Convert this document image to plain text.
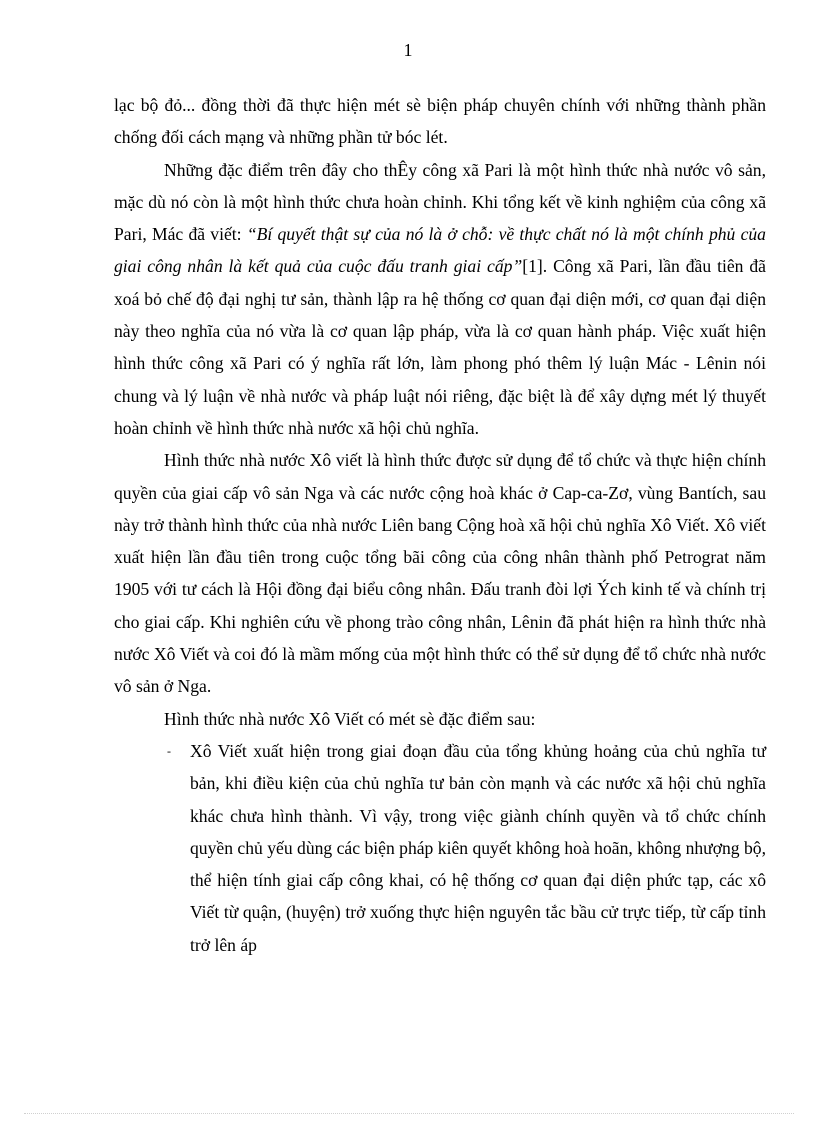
1

lạc bộ đỏ... đồng thời đã thực hiện mét sè biện pháp chuyên chính với những thành phần chống đối cách mạng và những phần tử bóc lét.

Những đặc điểm trên đây cho thÊy công xã Pari là một hình thức nhà nước vô sản, mặc dù nó còn là một hình thức chưa hoàn chỉnh. Khi tổng kết về kinh nghiệm của công xã Pari, Mác đã viết: “Bí quyết thật sự của nó là ở chỗ: về thực chất nó là một chính phủ của giai công nhân là kết quả của cuộc đấu tranh giai cấp”[1]. Công xã Pari, lần đầu tiên đã xoá bỏ chế độ đại nghị tư sản, thành lập ra hệ thống cơ quan đại diện mới, cơ quan đại diện này theo nghĩa của nó vừa là cơ quan lập pháp, vừa là cơ quan hành pháp. Việc xuất hiện hình thức công xã Pari có ý nghĩa rất lớn, làm phong phó thêm lý luận Mác - Lênin nói chung và lý luận về nhà nước và pháp luật nói riêng, đặc biệt là để xây dựng mét lý thuyết hoàn chỉnh về hình thức nhà nước xã hội chủ nghĩa.

Hình thức nhà nước Xô viết là hình thức được sử dụng để tổ chức và thực hiện chính quyền của giai cấp vô sản Nga và các nước cộng hoà khác ở Cap-ca-Zơ, vùng Bantích, sau này trở thành hình thức của nhà nước Liên bang Cộng hoà xã hội chủ nghĩa Xô Viết. Xô viết xuất hiện lần đầu tiên trong cuộc tổng bãi công của công nhân thành phố Petrograt năm 1905 với tư cách là Hội đồng đại biểu công nhân. Đấu tranh đòi lợi Ých kinh tế và chính trị cho giai cấp. Khi nghiên cứu về phong trào công nhân, Lênin đã phát hiện ra hình thức nhà nước Xô Viết và coi đó là mầm mống của một hình thức có thể sử dụng để tổ chức nhà nước vô sản ở Nga.

Hình thức nhà nước Xô Viết có mét sè đặc điểm sau:

- Xô Viết xuất hiện trong giai đoạn đầu của tổng khủng hoảng của chủ nghĩa tư bản, khi điều kiện của chủ nghĩa tư bản còn mạnh và các nước xã hội chủ nghĩa khác chưa hình thành. Vì vậy, trong việc giành chính quyền và tổ chức chính quyền chủ yếu dùng các biện pháp kiên quyết không hoà hoãn, không nhượng bộ, thể hiện tính giai cấp công khai, có hệ thống cơ quan đại diện phức tạp, các xô Viết từ quận, (huyện) trở xuống thực hiện nguyên tắc bầu cử trực tiếp, từ cấp tỉnh trở lên áp
